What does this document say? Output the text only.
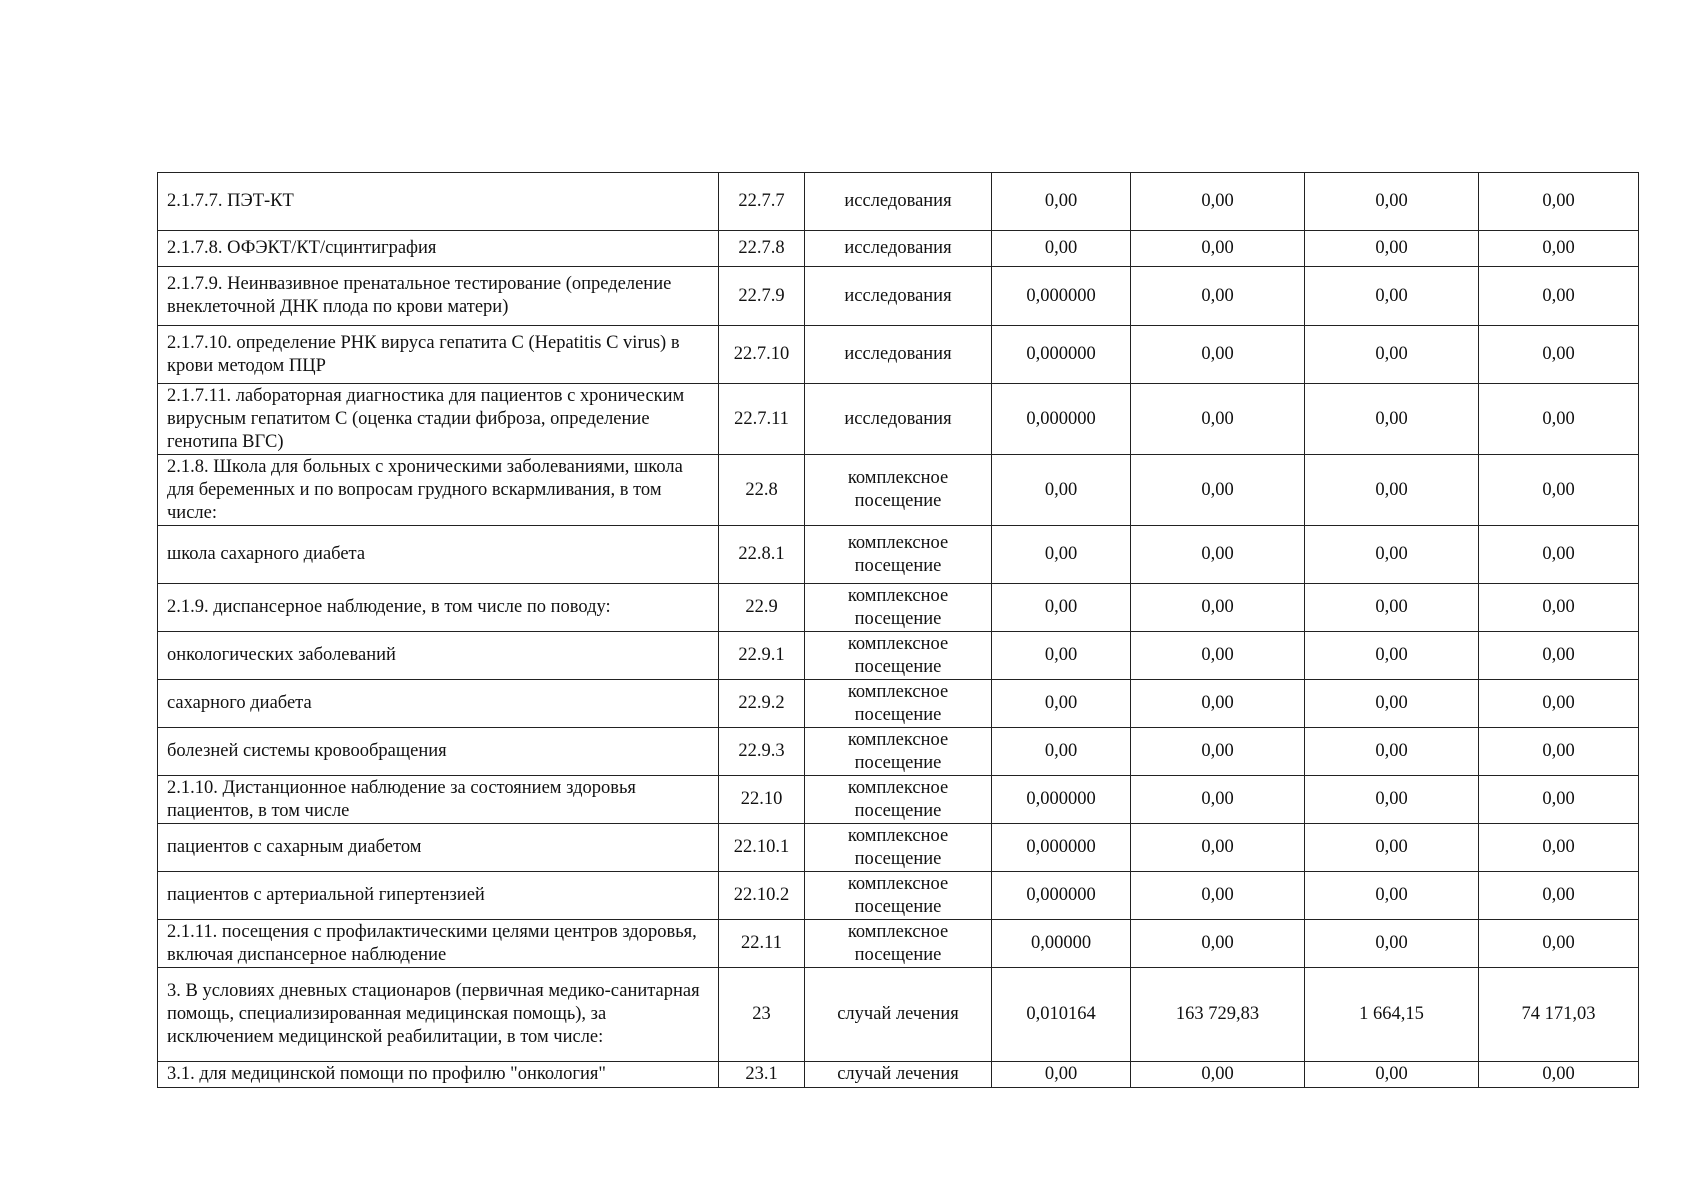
2.1.7.7. ПЭТ-КТ	22.7.7	исследования	0,00	0,00	0,00	0,00
2.1.7.8. ОФЭКТ/КТ/сцинтиграфия	22.7.8	исследования	0,00	0,00	0,00	0,00
2.1.7.9. Неинвазивное пренатальное тестирование (определение внеклеточной ДНК плода по крови матери)	22.7.9	исследования	0,000000	0,00	0,00	0,00
2.1.7.10. определение РНК вируса гепатита С (Hepatitis C virus) в крови методом ПЦР	22.7.10	исследования	0,000000	0,00	0,00	0,00
2.1.7.11. лабораторная диагностика для пациентов с хроническим вирусным гепатитом С (оценка стадии фиброза, определение генотипа ВГС)	22.7.11	исследования	0,000000	0,00	0,00	0,00
2.1.8. Школа для больных с хроническими заболеваниями, школа для беременных и по вопросам грудного вскармливания, в том числе:	22.8	комплексное посещение	0,00	0,00	0,00	0,00
школа сахарного диабета	22.8.1	комплексное посещение	0,00	0,00	0,00	0,00
2.1.9. диспансерное наблюдение, в том числе по поводу:	22.9	комплексное посещение	0,00	0,00	0,00	0,00
онкологических заболеваний	22.9.1	комплексное посещение	0,00	0,00	0,00	0,00
сахарного диабета	22.9.2	комплексное посещение	0,00	0,00	0,00	0,00
болезней системы кровообращения	22.9.3	комплексное посещение	0,00	0,00	0,00	0,00
2.1.10. Дистанционное наблюдение за состоянием здоровья пациентов, в том числе	22.10	комплексное посещение	0,000000	0,00	0,00	0,00
пациентов с сахарным диабетом	22.10.1	комплексное посещение	0,000000	0,00	0,00	0,00
пациентов с артериальной гипертензией	22.10.2	комплексное посещение	0,000000	0,00	0,00	0,00
2.1.11. посещения с профилактическими целями центров здоровья, включая диспансерное наблюдение	22.11	комплексное посещение	0,00000	0,00	0,00	0,00
3. В условиях дневных стационаров (первичная медико-санитарная помощь, специализированная медицинская помощь), за исключением медицинской реабилитации, в том числе:	23	случай лечения	0,010164	163 729,83	1 664,15	74 171,03
3.1. для медицинской помощи по профилю "онкология"	23.1	случай лечения	0,00	0,00	0,00	0,00
